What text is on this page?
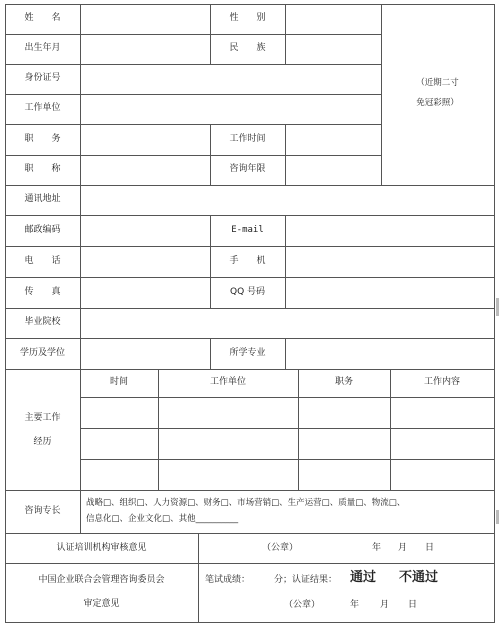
姓　　名	性　　别
出生年月	民　　族
（近期二寸
免冠彩照）
身份证号
工作单位
职　　务	工作时间
职　　称	咨询年限
通讯地址
邮政编码	E-mail
电　　话	手　　机
传　　真	QQ 号码
毕业院校
学历及学位	所学专业
主要工作
经历
时间	工作单位	职务	工作内容
咨询专长
战略□、组织□、人力资源□、财务□、市场营销□、生产运营□、质量□、物流□、
信息化□、企业文化□、其他__________
认证培训机构审核意见	（公章）	年 月 日
中国企业联合会管理咨询委员会
审定意见
笔试成绩：	分；认证结果： 通过 不通过
（公章）	年 月 日
